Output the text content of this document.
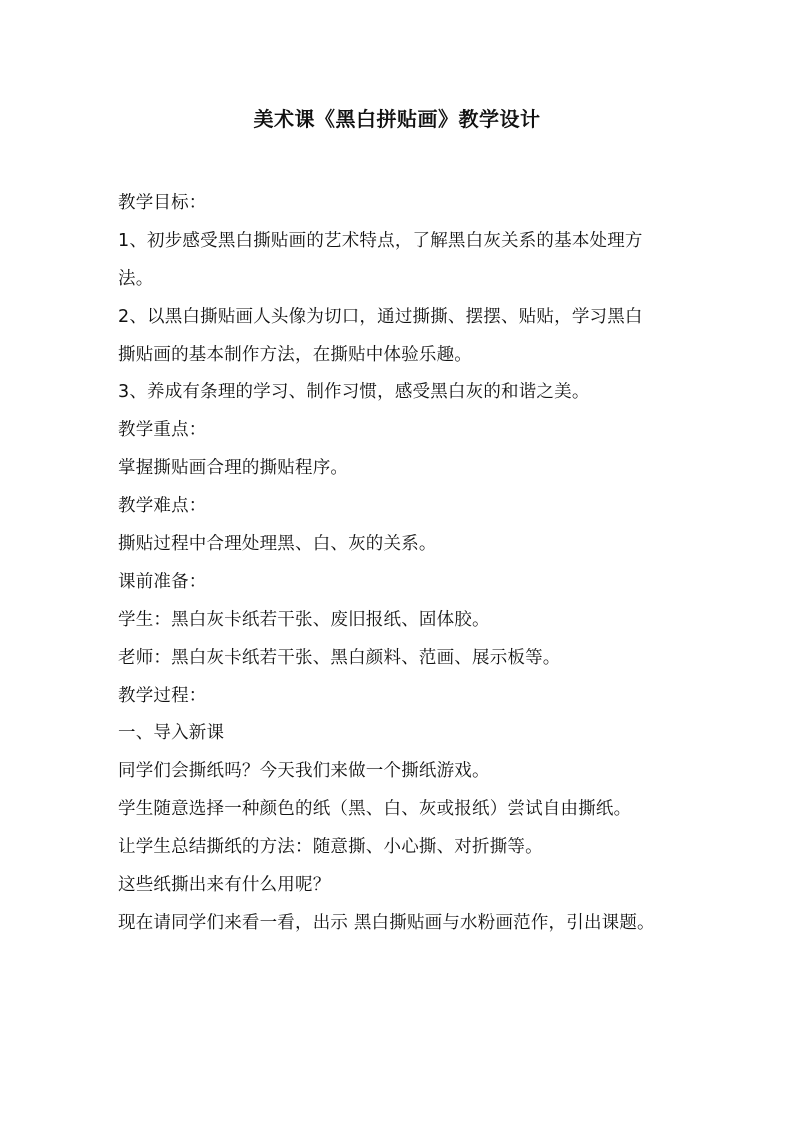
美术课《黑白拼贴画》教学设计
教学目标：
1、初步感受黑白撕贴画的艺术特点，了解黑白灰关系的基本处理方
法。
2、以黑白撕贴画人头像为切口，通过撕撕、摆摆、贴贴，学习黑白
撕贴画的基本制作方法，在撕贴中体验乐趣。
3、养成有条理的学习、制作习惯，感受黑白灰的和谐之美。
教学重点：
掌握撕贴画合理的撕贴程序。
教学难点：
撕贴过程中合理处理黑、白、灰的关系。
课前准备：
学生：黑白灰卡纸若干张、废旧报纸、固体胶。
老师：黑白灰卡纸若干张、黑白颜料、范画、展示板等。
教学过程：
一、导入新课
同学们会撕纸吗？今天我们来做一个撕纸游戏。
学生随意选择一种颜色的纸（黑、白、灰或报纸）尝试自由撕纸。
让学生总结撕纸的方法：随意撕、小心撕、对折撕等。
这些纸撕出来有什么用呢？
现在请同学们来看一看，出示 黑白撕贴画与水粉画范作，引出课题。
